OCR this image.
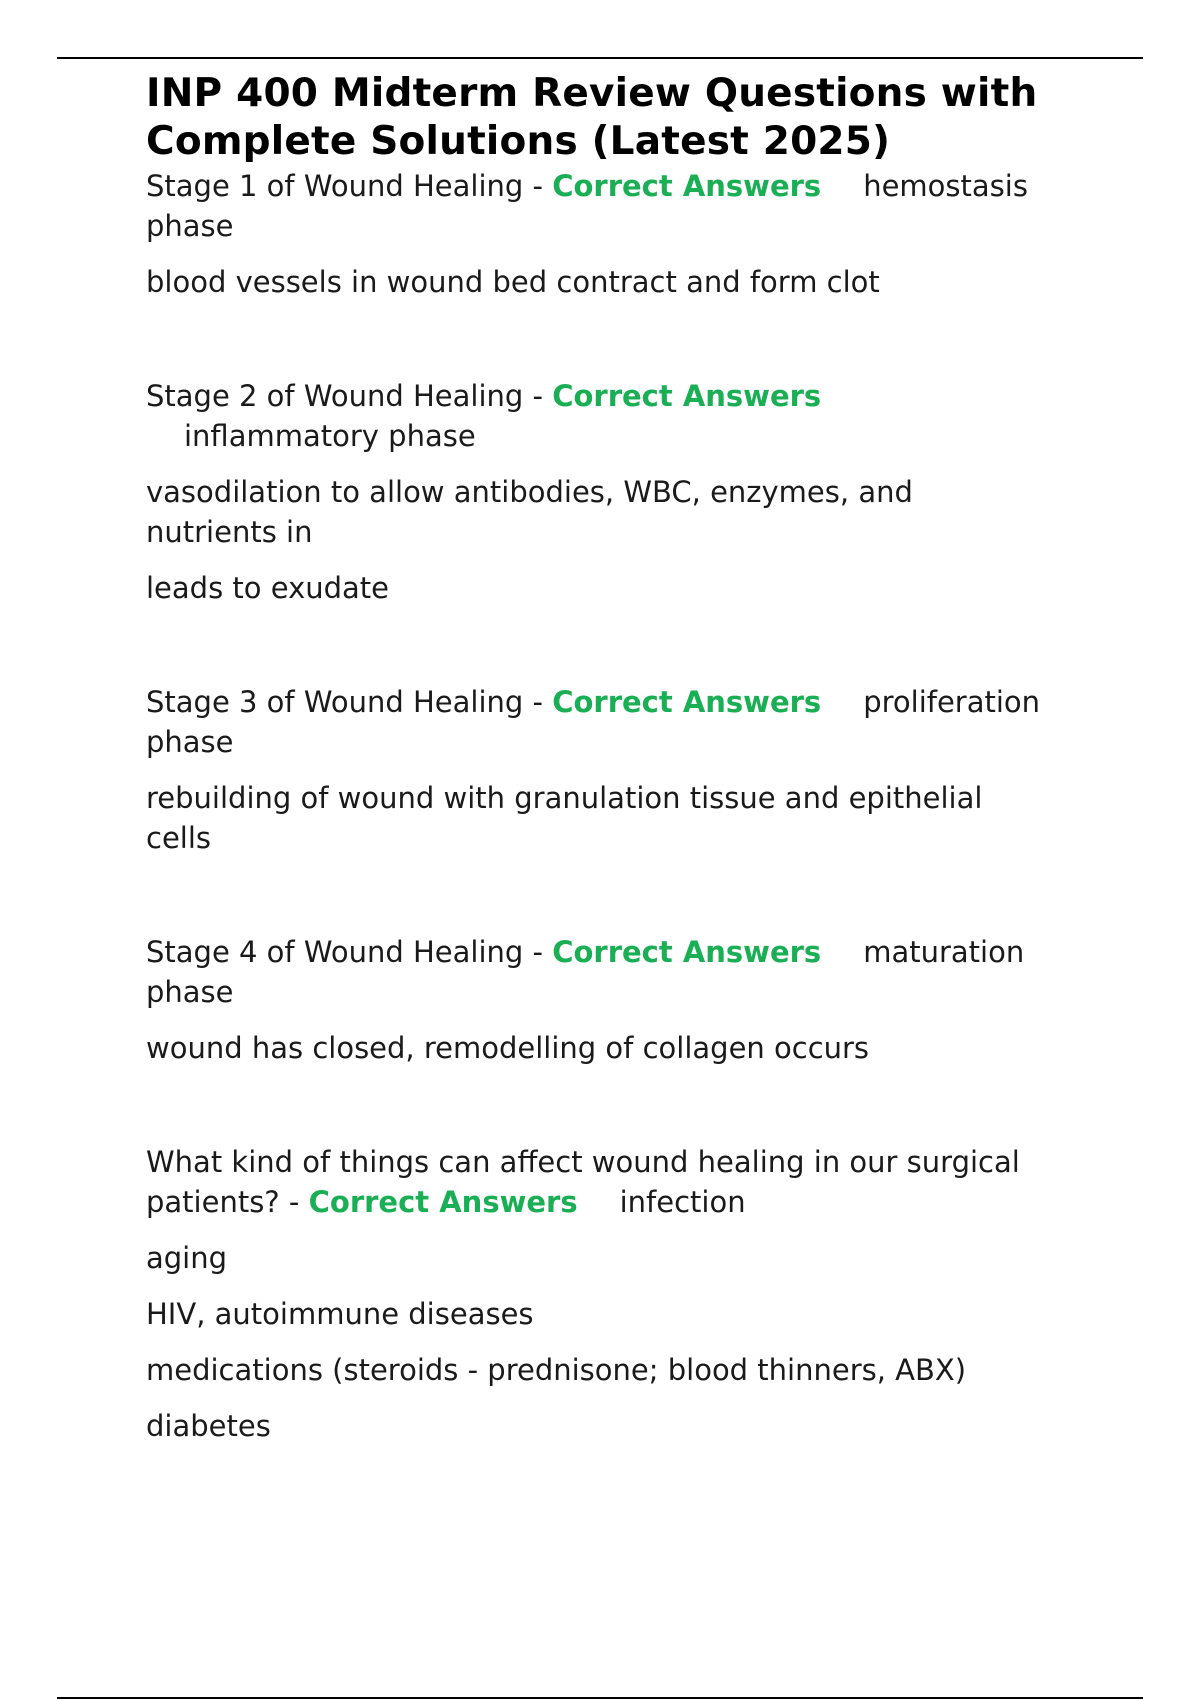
INP 400 Midterm Review Questions with
Complete Solutions (Latest 2025)

Stage 1 of Wound Healing - Correct Answers hemostasis
phase

blood vessels in wound bed contract and form clot

Stage 2 of Wound Healing - Correct Answers
inflammatory phase

vasodilation to allow antibodies, WBC, enzymes, and
nutrients in

leads to exudate

Stage 3 of Wound Healing - Correct Answers proliferation
phase

rebuilding of wound with granulation tissue and epithelial
cells

Stage 4 of Wound Healing - Correct Answers maturation
phase

wound has closed, remodelling of collagen occurs

What kind of things can affect wound healing in our surgical
patients? - Correct Answers infection

aging

HIV, autoimmune diseases

medications (steroids - prednisone; blood thinners, ABX)

diabetes
